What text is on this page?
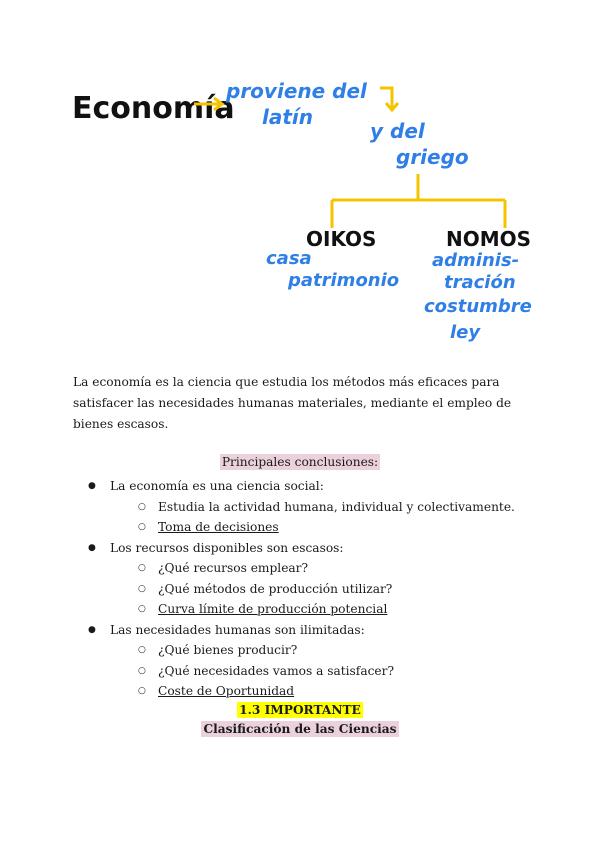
Economía
proviene del
latín
y del
griego
OIKOS	NOMOS
casa
patrimonio
adminis-
tración
costumbre
ley

La economía es la ciencia que estudia los métodos más eficaces para satisfacer las necesidades humanas materiales, mediante el empleo de bienes escasos.

Principales conclusiones:
● La economía es una ciencia social:
○ Estudia la actividad humana, individual y colectivamente.
○ Toma de decisiones
● Los recursos disponibles son escasos:
○ ¿Qué recursos emplear?
○ ¿Qué métodos de producción utilizar?
○ Curva límite de producción potencial
● Las necesidades humanas son ilimitadas:
○ ¿Qué bienes producir?
○ ¿Qué necesidades vamos a satisfacer?
○ Coste de Oportunidad
1.3 IMPORTANTE
Clasificación de las Ciencias
